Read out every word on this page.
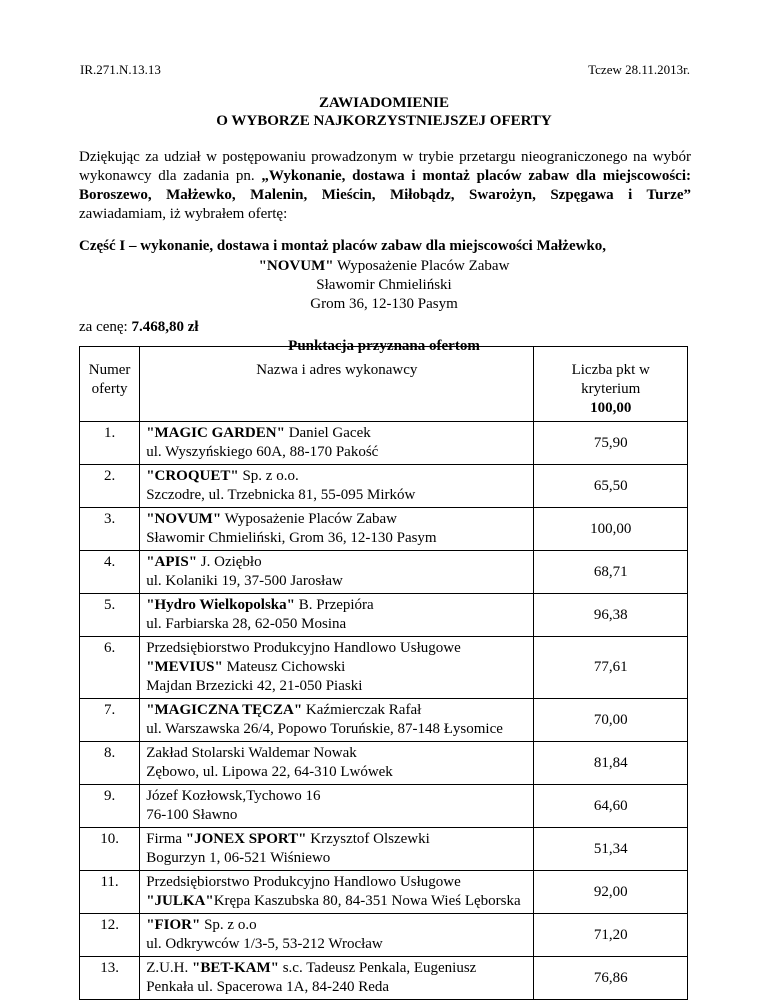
IR.271.N.13.13	Tczew 28.11.2013r.
ZAWIADOMIENIE
O WYBORZE NAJKORZYSTNIEJSZEJ OFERTY
Dziękując za udział w postępowaniu prowadzonym w trybie przetargu nieograniczonego na wybór wykonawcy dla zadania pn. „Wykonanie, dostawa i montaż placów zabaw dla miejscowości: Boroszewo, Małżewko, Malenin, Mieścin, Miłobądz, Swarożyn, Szpęgawa i Turze” zawiadamiam, iż wybrałem ofertę:
Część I – wykonanie, dostawa i montaż placów zabaw dla miejscowości Małżewko,
"NOVUM" Wyposażenie Placów Zabaw
Sławomir Chmieliński
Grom 36, 12-130 Pasym
za cenę: 7.468,80 zł
Punktacja przyznana ofertom
Numer oferty	Nazwa i adres wykonawcy	Liczba pkt w kryterium
100,00
1.	"MAGIC GARDEN" Daniel Gacek
ul. Wyszyńskiego 60A, 88-170 Pakość	75,90
2.	"CROQUET" Sp. z o.o.
Szczodre, ul. Trzebnicka 81, 55-095 Mirków	65,50
3.	"NOVUM" Wyposażenie Placów Zabaw
Sławomir Chmieliński, Grom 36, 12-130 Pasym	100,00
4.	"APIS" J. Oziębło
ul. Kolaniki 19, 37-500 Jarosław	68,71
5.	"Hydro Wielkopolska" B. Przepióra
ul. Farbiarska 28, 62-050 Mosina	96,38
6.	Przedsiębiorstwo Produkcyjno Handlowo Usługowe
"MEVIUS" Mateusz Cichowski
Majdan Brzezicki 42, 21-050 Piaski	77,61
7.	"MAGICZNA TĘCZA" Kaźmierczak Rafał
ul. Warszawska 26/4, Popowo Toruńskie, 87-148 Łysomice	70,00
8.	Zakład Stolarski Waldemar Nowak
Zębowo, ul. Lipowa 22, 64-310 Lwówek	81,84
9.	Józef Kozłowsk,Tychowo 16
76-100 Sławno	64,60
10.	Firma "JONEX SPORT" Krzysztof Olszewki
Bogurzyn 1, 06-521 Wiśniewo	51,34
11.	Przedsiębiorstwo Produkcyjno Handlowo Usługowe
"JULKA"Krępa Kaszubska 80, 84-351 Nowa Wieś Lęborska	92,00
12.	"FIOR" Sp. z o.o
ul. Odkrywców 1/3-5, 53-212 Wrocław	71,20
13.	Z.U.H. "BET-KAM" s.c. Tadeusz Penkala, Eugeniusz
Penkała ul. Spacerowa 1A, 84-240 Reda	76,86
